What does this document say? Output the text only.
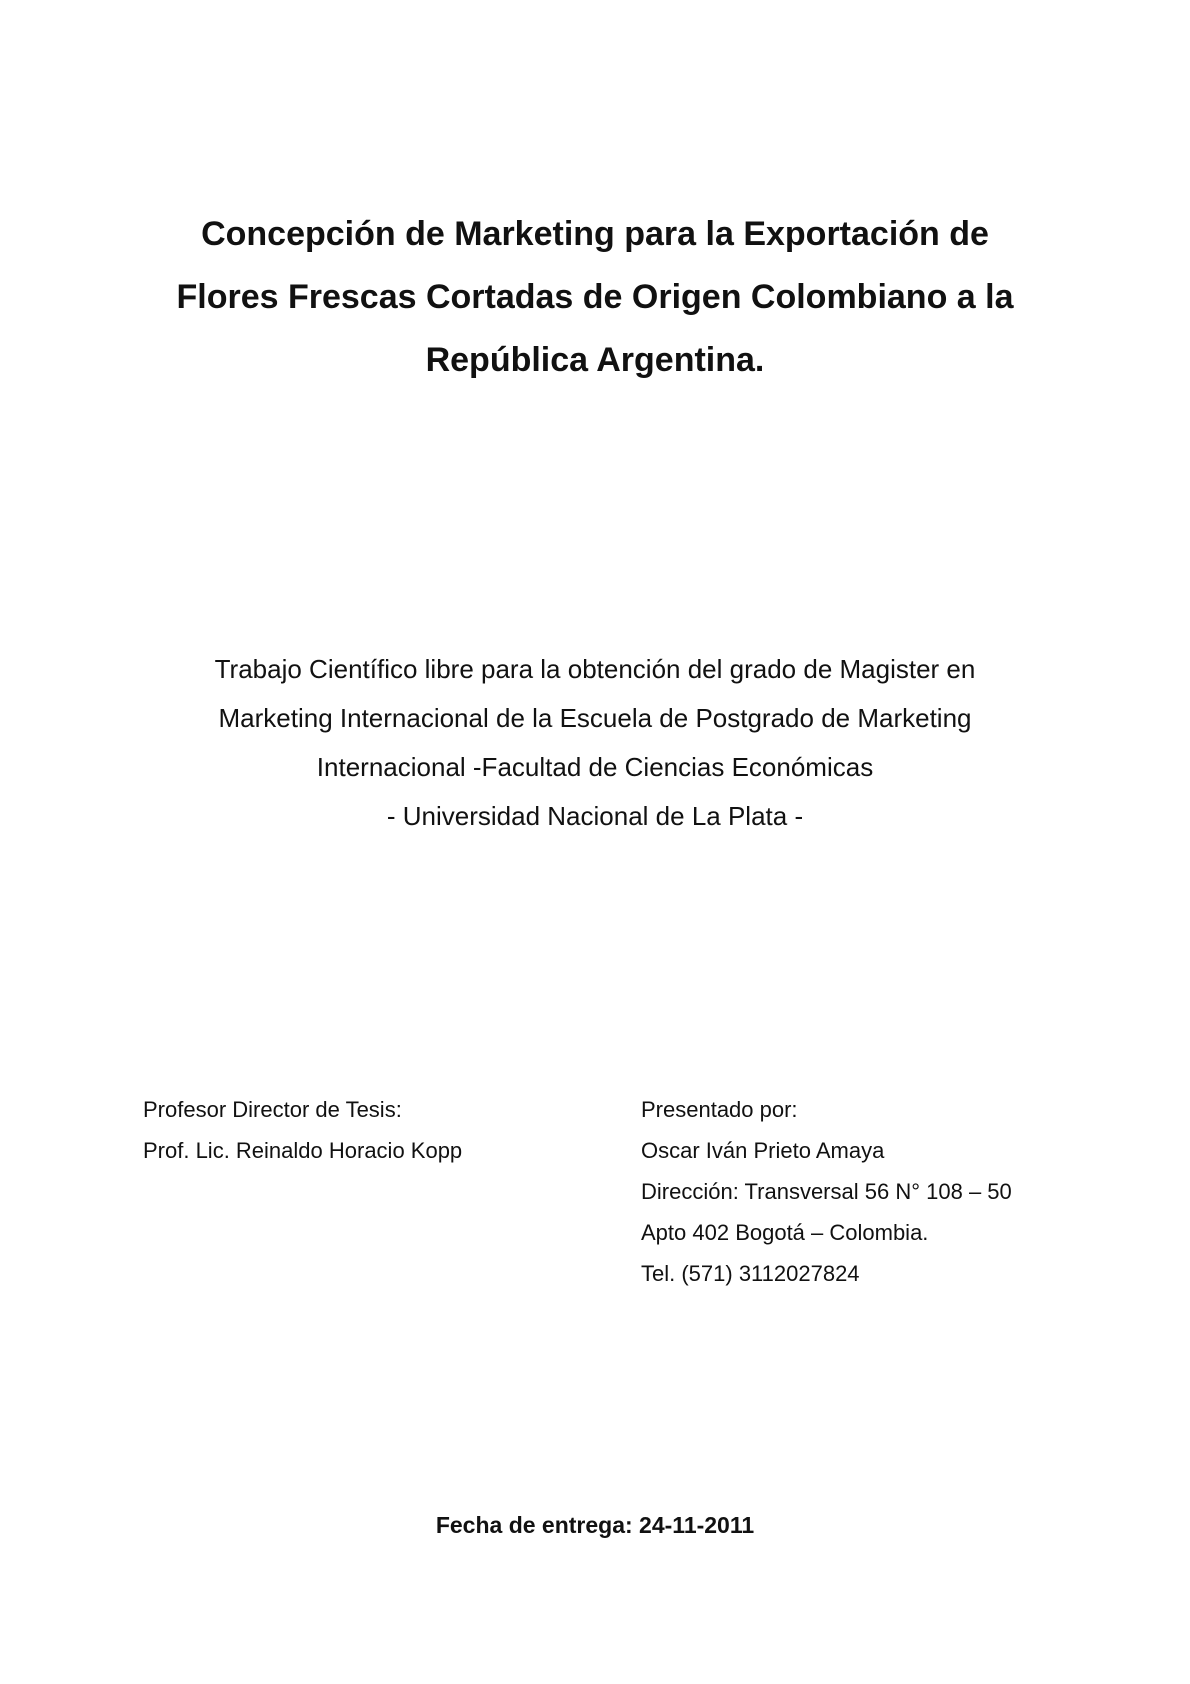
Concepción de Marketing para la Exportación de
Flores Frescas Cortadas de Origen Colombiano a la
República Argentina.
Trabajo Científico libre para la obtención del grado de Magister en
Marketing Internacional de la Escuela de Postgrado de Marketing
Internacional -Facultad de Ciencias Económicas
- Universidad Nacional de La Plata -
Profesor Director de Tesis:
Prof. Lic. Reinaldo Horacio Kopp
Presentado por:
Oscar Iván Prieto Amaya
Dirección: Transversal 56 N° 108 – 50
Apto 402 Bogotá – Colombia.
Tel. (571) 3112027824
Fecha de entrega: 24-11-2011
